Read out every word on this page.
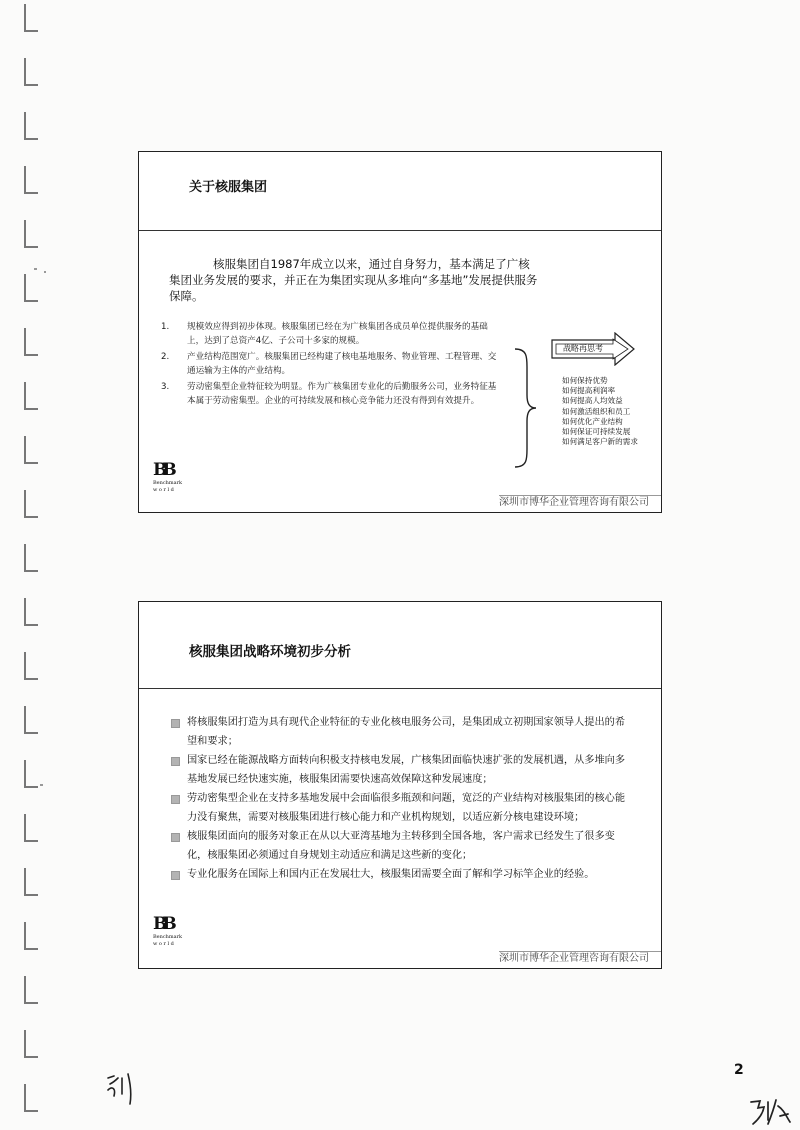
关于核服集团
核服集团自1987年成立以来，通过自身努力，基本满足了广核集团业务发展的要求，并正在为集团实现从多堆向“多基地”发展提供服务保障。
1. 规模效应得到初步体现。核服集团已经在为广核集团各成员单位提供服务的基础上，达到了总资产4亿、子公司十多家的规模。
2. 产业结构范围宽广。核服集团已经构建了核电基地服务、物业管理、工程管理、交通运输为主体的产业结构。
3. 劳动密集型企业特征较为明显。作为广核集团专业化的后勤服务公司，业务特征基本属于劳动密集型。企业的可持续发展和核心竞争能力还没有得到有效提升。
战略再思考
如何保持优势
如何提高利润率
如何提高人均效益
如何激活组织和员工
如何优化产业结构
如何保证可持续发展
如何满足客户新的需求
BB
Benchmark
w o r l d
深圳市博华企业管理咨询有限公司
核服集团战略环境初步分析
将核服集团打造为具有现代企业特征的专业化核电服务公司，是集团成立初期国家领导人提出的希望和要求；
国家已经在能源战略方面转向积极支持核电发展，广核集团面临快速扩张的发展机遇，从多堆向多基地发展已经快速实施，核服集团需要快速高效保障这种发展速度；
劳动密集型企业在支持多基地发展中会面临很多瓶颈和问题，宽泛的产业结构对核服集团的核心能力没有聚焦，需要对核服集团进行核心能力和产业机构规划，以适应新分核电建设环境；
核服集团面向的服务对象正在从以大亚湾基地为主转移到全国各地，客户需求已经发生了很多变化，核服集团必须通过自身规划主动适应和满足这些新的变化；
专业化服务在国际上和国内正在发展壮大，核服集团需要全面了解和学习标竿企业的经验。
BB
Benchmark
w o r l d
深圳市博华企业管理咨询有限公司
2
